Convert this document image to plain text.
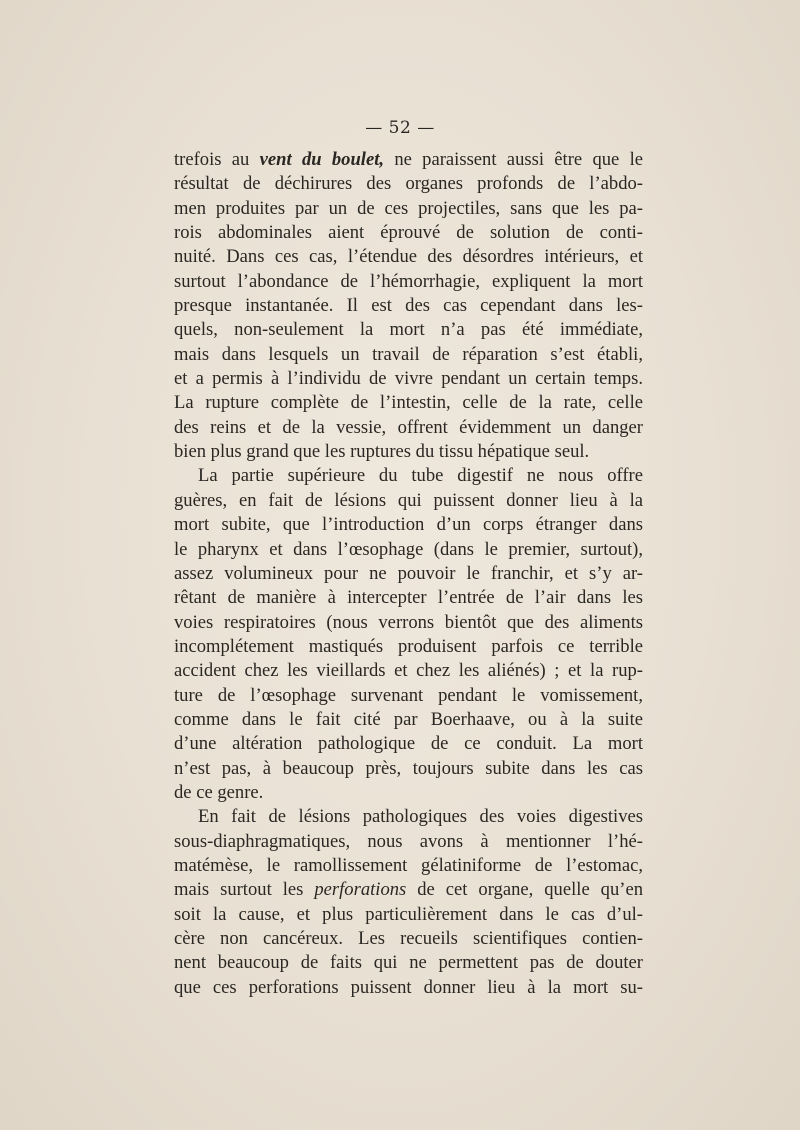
— 52 —
trefois au vent du boulet, ne paraissent aussi être que le
résultat de déchirures des organes profonds de l’abdo-
men produites par un de ces projectiles, sans que les pa-
rois abdominales aient éprouvé de solution de conti-
nuité. Dans ces cas, l’étendue des désordres intérieurs, et
surtout l’abondance de l’hémorrhagie, expliquent la mort
presque instantanée. Il est des cas cependant dans les-
quels, non-seulement la mort n’a pas été immédiate,
mais dans lesquels un travail de réparation s’est établi,
et a permis à l’individu de vivre pendant un certain temps.
La rupture complète de l’intestin, celle de la rate, celle
des reins et de la vessie, offrent évidemment un danger
bien plus grand que les ruptures du tissu hépatique seul.
La partie supérieure du tube digestif ne nous offre
guères, en fait de lésions qui puissent donner lieu à la
mort subite, que l’introduction d’un corps étranger dans
le pharynx et dans l’œsophage (dans le premier, surtout),
assez volumineux pour ne pouvoir le franchir, et s’y ar-
rêtant de manière à intercepter l’entrée de l’air dans les
voies respiratoires (nous verrons bientôt que des aliments
incomplétement mastiqués produisent parfois ce terrible
accident chez les vieillards et chez les aliénés) ; et la rup-
ture de l’œsophage survenant pendant le vomissement,
comme dans le fait cité par Boerhaave, ou à la suite
d’une altération pathologique de ce conduit. La mort
n’est pas, à beaucoup près, toujours subite dans les cas
de ce genre.
En fait de lésions pathologiques des voies digestives
sous-diaphragmatiques, nous avons à mentionner l’hé-
matémèse, le ramollissement gélatiniforme de l’estomac,
mais surtout les perforations de cet organe, quelle qu’en
soit la cause, et plus particulièrement dans le cas d’ul-
cère non cancéreux. Les recueils scientifiques contien-
nent beaucoup de faits qui ne permettent pas de douter
que ces perforations puissent donner lieu à la mort su-
